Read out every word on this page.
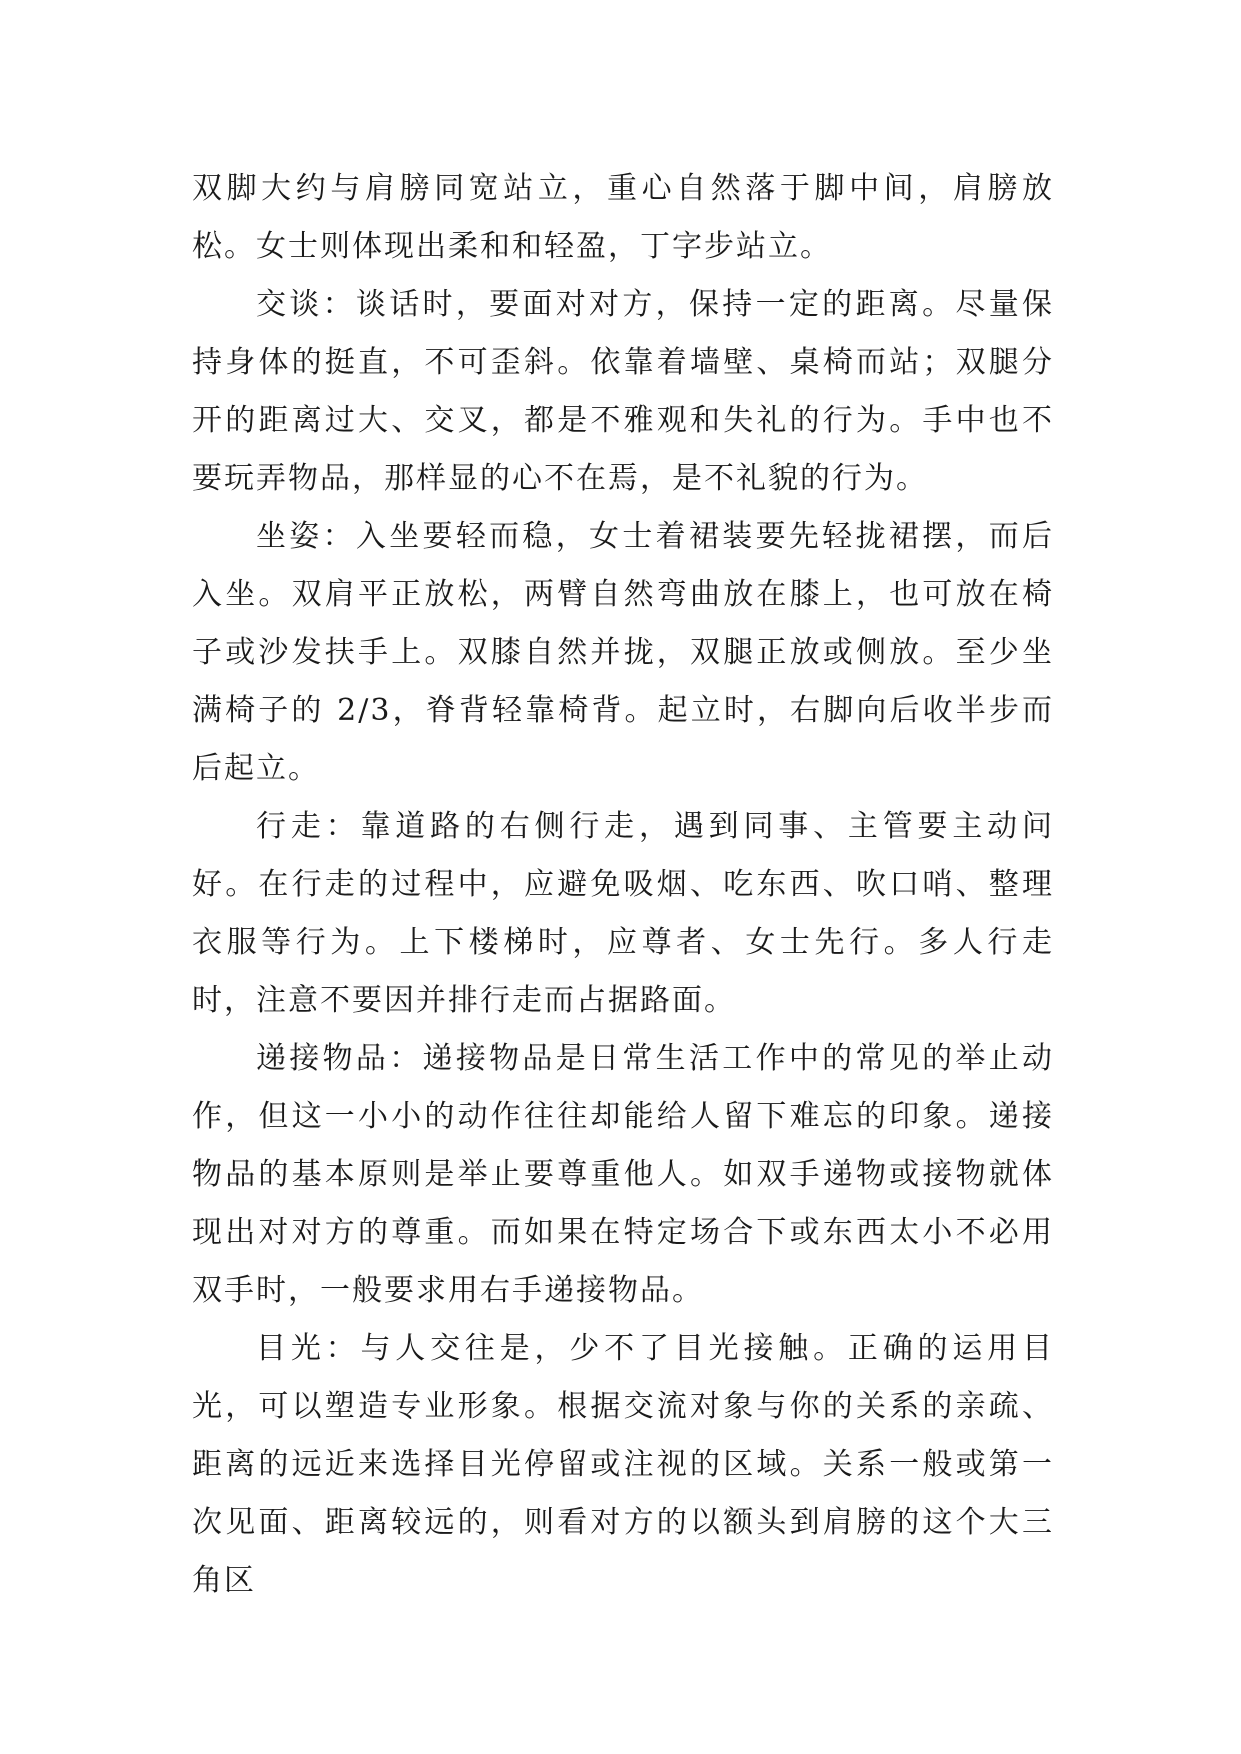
双脚大约与肩膀同宽站立，重心自然落于脚中间，肩膀放松。女士则体现出柔和和轻盈，丁字步站立。

交谈：谈话时，要面对对方，保持一定的距离。尽量保持身体的挺直，不可歪斜。依靠着墙壁、桌椅而站；双腿分开的距离过大、交叉，都是不雅观和失礼的行为。手中也不要玩弄物品，那样显的心不在焉，是不礼貌的行为。

坐姿：入坐要轻而稳，女士着裙装要先轻拢裙摆，而后入坐。双肩平正放松，两臂自然弯曲放在膝上，也可放在椅子或沙发扶手上。双膝自然并拢，双腿正放或侧放。至少坐满椅子的 2/3，脊背轻靠椅背。起立时，右脚向后收半步而后起立。

行走：靠道路的右侧行走，遇到同事、主管要主动问好。在行走的过程中，应避免吸烟、吃东西、吹口哨、整理衣服等行为。上下楼梯时，应尊者、女士先行。多人行走时，注意不要因并排行走而占据路面。

递接物品：递接物品是日常生活工作中的常见的举止动作，但这一小小的动作往往却能给人留下难忘的印象。递接物品的基本原则是举止要尊重他人。如双手递物或接物就体现出对对方的尊重。而如果在特定场合下或东西太小不必用双手时，一般要求用右手递接物品。

目光：与人交往是，少不了目光接触。正确的运用目光，可以塑造专业形象。根据交流对象与你的关系的亲疏、距离的远近来选择目光停留或注视的区域。关系一般或第一次见面、距离较远的，则看对方的以额头到肩膀的这个大三角区
